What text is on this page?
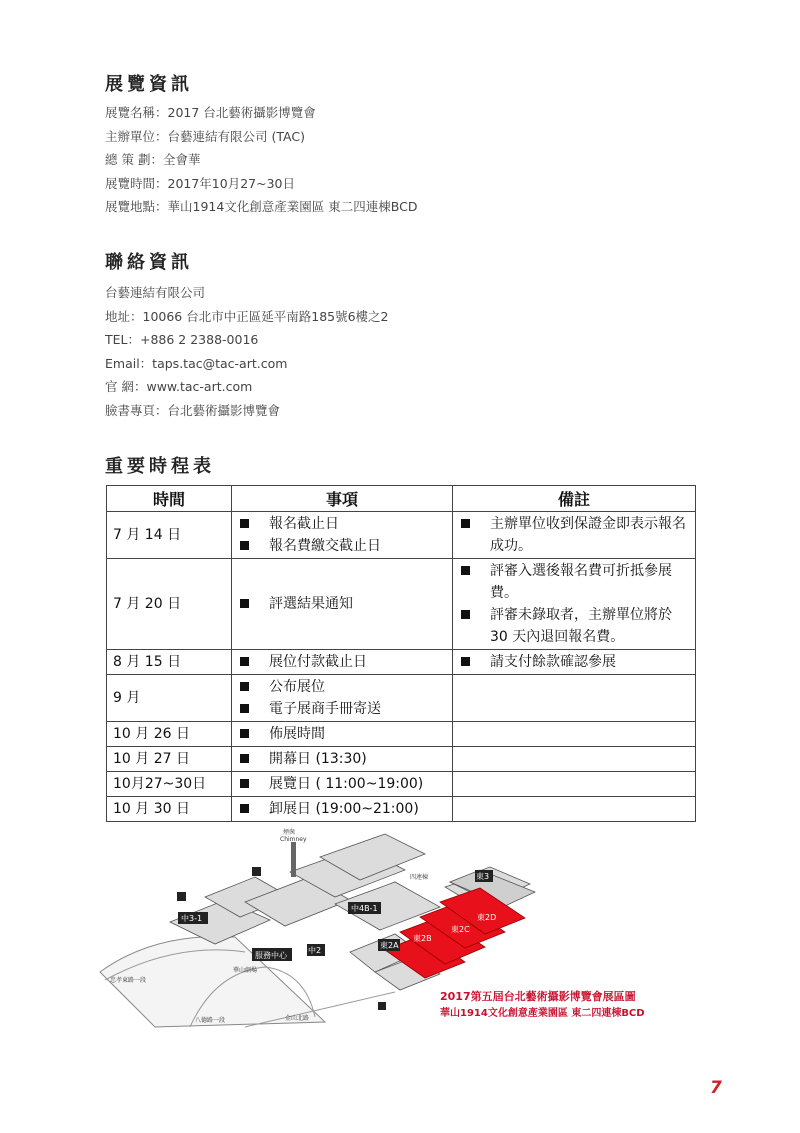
展覽資訊
展覽名稱：2017 台北藝術攝影博覽會
主辦單位：台藝連結有限公司 (TAC)
總 策 劃：全會華
展覽時間：2017年10月27~30日
展覽地點：華山1914文化創意產業園區 東二四連棟BCD
聯絡資訊
台藝連結有限公司
地址：10066 台北市中正區延平南路185號6樓之2
TEL：+886 2 2388-0016
Email：taps.tac@tac-art.com
官 網：www.tac-art.com
臉書專頁：台北藝術攝影博覽會
重要時程表
時間	事項	備註
7 月 14 日	報名截止日
報名費繳交截止日	主辦單位收到保證金即表示報名成功。

7 月 20 日	評選結果通知	評審入選後報名費可折抵參展費。
評審未錄取者，主辦單位將於 30 天內退回報名費。

8 月 15 日	展位付款截止日	請支付餘款確認參展

9 月	公布展位
電子展商手冊寄送	

10 月 26 日	佈展時間	

10 月 27 日	開幕日 (13:30)	

10月27~30日	展覽日 ( 11:00~19:00)	

10 月 30 日	卸展日 (19:00~21:00)	

中3-1
中4B-1
中2
服務中心
東2A
東2B
東2C
東2D
東3
煙囪
Chimney
四連棟
華山劇場
八德路一段
忠孝東路一段
金山北路
2017第五屆台北藝術攝影博覽會展區圖
華山1914文化創意產業園區 東二四連棟BCD
7
